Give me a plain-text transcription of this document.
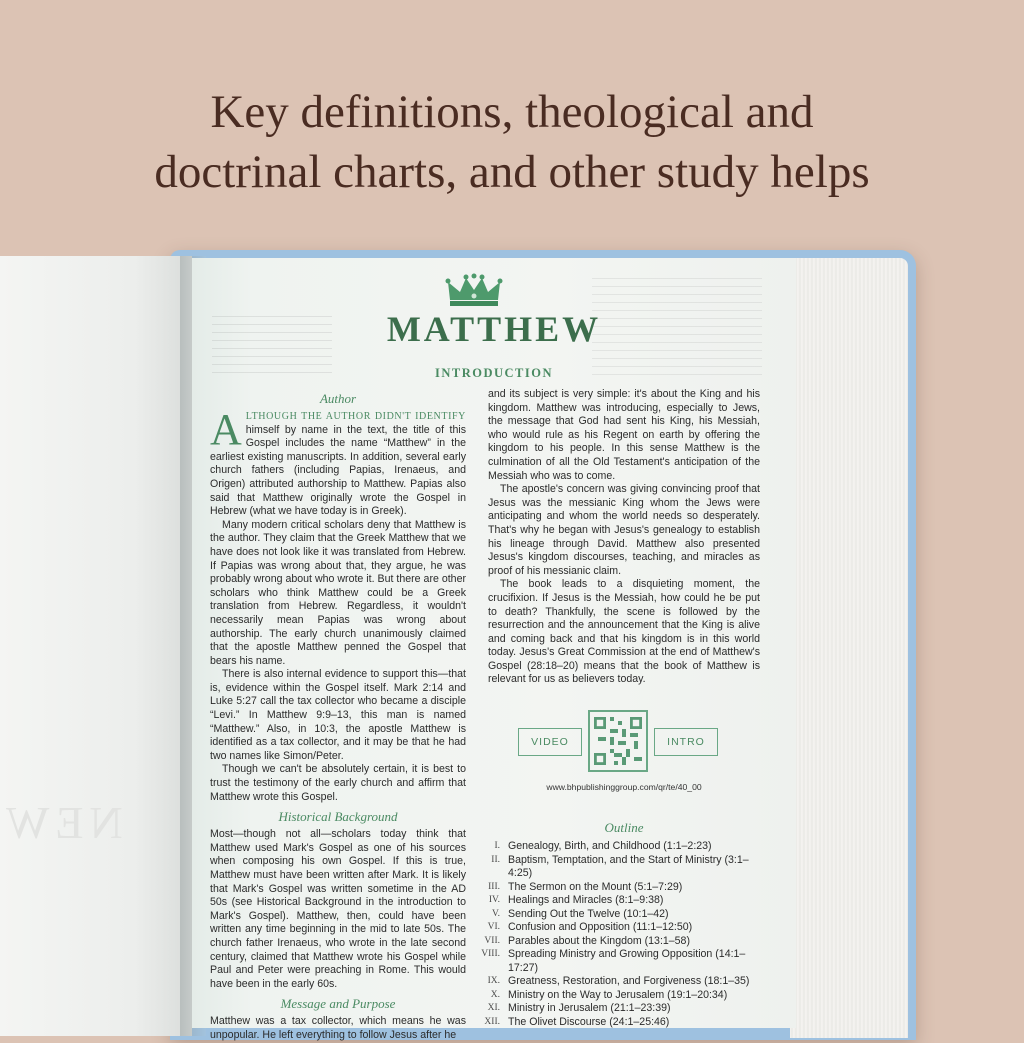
Key definitions, theological and
doctrinal charts, and other study helps
NEW
MATTHEW
INTRODUCTION
Author
ALTHOUGH THE AUTHOR DIDN'T IDENTIFY himself by name in the text, the title of this Gospel includes the name “Matthew” in the earliest existing manuscripts. In addition, several early church fathers (including Papias, Irenaeus, and Origen) attributed authorship to Matthew. Papias also said that Matthew originally wrote the Gospel in Hebrew (what we have today is in Greek).
Many modern critical scholars deny that Matthew is the author. They claim that the Greek Matthew that we have does not look like it was translated from Hebrew. If Papias was wrong about that, they argue, he was probably wrong about who wrote it. But there are other scholars who think Matthew could be a Greek translation from Hebrew. Regardless, it wouldn't necessarily mean Papias was wrong about authorship. The early church unanimously claimed that the apostle Matthew penned the Gospel that bears his name.
There is also internal evidence to support this—that is, evidence within the Gospel itself. Mark 2:14 and Luke 5:27 call the tax collector who became a disciple “Levi.” In Matthew 9:9–13, this man is named “Matthew.” Also, in 10:3, the apostle Matthew is identified as a tax collector, and it may be that he had two names like Simon/Peter.
Though we can't be absolutely certain, it is best to trust the testimony of the early church and affirm that Matthew wrote this Gospel.
Historical Background
Most—though not all—scholars today think that Matthew used Mark's Gospel as one of his sources when composing his own Gospel. If this is true, Matthew must have been written after Mark. It is likely that Mark's Gospel was written sometime in the AD 50s (see Historical Background in the introduction to Mark's Gospel). Matthew, then, could have been written any time beginning in the mid to late 50s. The church father Irenaeus, who wrote in the late second century, claimed that Matthew wrote his Gospel while Paul and Peter were preaching in Rome. This would have been in the early 60s.
Message and Purpose
Matthew was a tax collector, which means he was unpopular. He left everything to follow Jesus after he
and its subject is very simple: it's about the King and his kingdom. Matthew was introducing, especially to Jews, the message that God had sent his King, his Messiah, who would rule as his Regent on earth by offering the kingdom to his people. In this sense Matthew is the culmination of all the Old Testament's anticipation of the Messiah who was to come.
The apostle's concern was giving convincing proof that Jesus was the messianic King whom the Jews were anticipating and whom the world needs so desperately. That's why he began with Jesus's genealogy to establish his lineage through David. Matthew also presented Jesus's kingdom discourses, teaching, and miracles as proof of his messianic claim.
The book leads to a disquieting moment, the crucifixion. If Jesus is the Messiah, how could he be put to death? Thankfully, the scene is followed by the resurrection and the announcement that the King is alive and coming back and that his kingdom is in this world today. Jesus's Great Commission at the end of Matthew's Gospel (28:18–20) means that the book of Matthew is relevant for us as believers today.
VIDEO	INTRO
www.bhpublishinggroup.com/qr/te/40_00
Outline
I. Genealogy, Birth, and Childhood (1:1–2:23)
II. Baptism, Temptation, and the Start of Ministry (3:1–4:25)
III. The Sermon on the Mount (5:1–7:29)
IV. Healings and Miracles (8:1–9:38)
V. Sending Out the Twelve (10:1–42)
VI. Confusion and Opposition (11:1–12:50)
VII. Parables about the Kingdom (13:1–58)
VIII. Spreading Ministry and Growing Opposition (14:1–17:27)
IX. Greatness, Restoration, and Forgiveness (18:1–35)
X. Ministry on the Way to Jerusalem (19:1–20:34)
XI. Ministry in Jerusalem (21:1–23:39)
XII. The Olivet Discourse (24:1–25:46)
